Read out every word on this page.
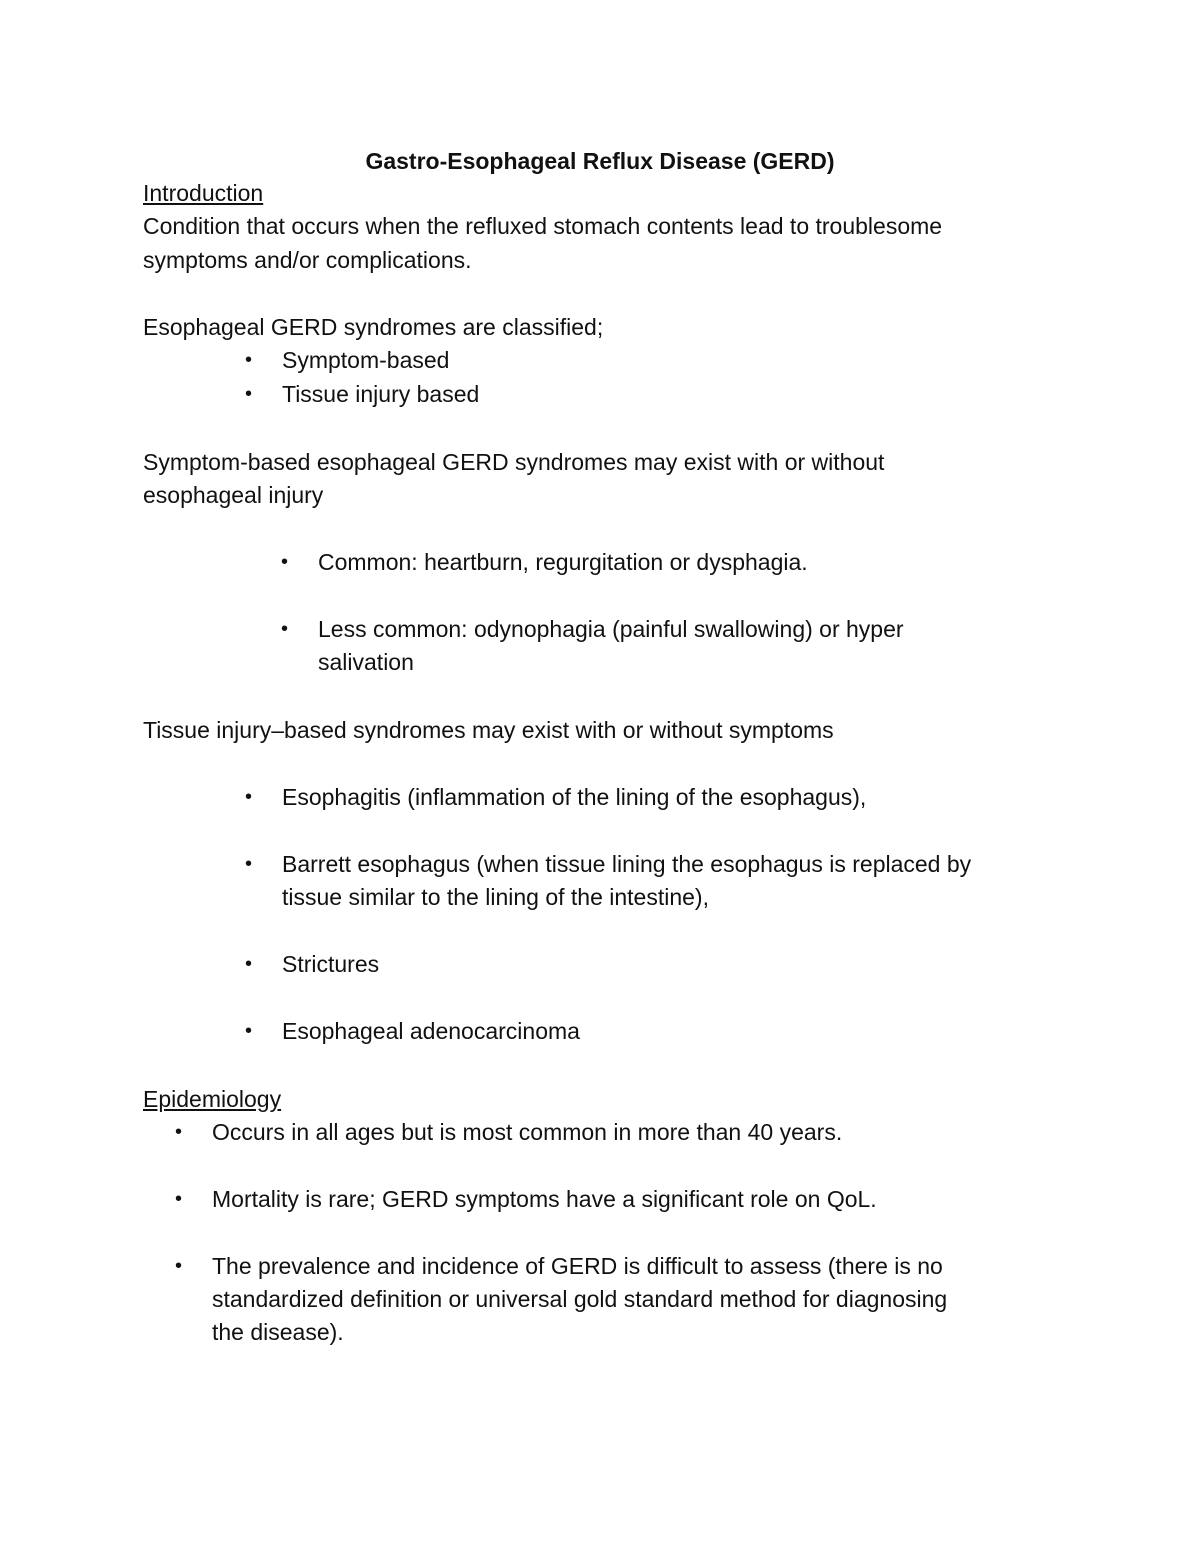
Gastro-Esophageal Reflux Disease (GERD)
Introduction
Condition that occurs when the refluxed stomach contents lead to troublesome
symptoms and/or complications.
Esophageal GERD syndromes are classified;
•	Symptom-based
•	Tissue injury based
Symptom-based esophageal GERD syndromes may exist with or without
esophageal injury
•	Common: heartburn, regurgitation or dysphagia.
•	Less common: odynophagia (painful swallowing) or hyper
salivation
Tissue injury–based syndromes may exist with or without symptoms
•	Esophagitis (inflammation of the lining of the esophagus),
•	Barrett esophagus (when tissue lining the esophagus is replaced by
tissue similar to the lining of the intestine),
•	Strictures
•	Esophageal adenocarcinoma
Epidemiology
•	Occurs in all ages but is most common in more than 40 years.
•	Mortality is rare; GERD symptoms have a significant role on QoL.
•	The prevalence and incidence of GERD is difficult to assess (there is no
standardized definition or universal gold standard method for diagnosing
the disease).
